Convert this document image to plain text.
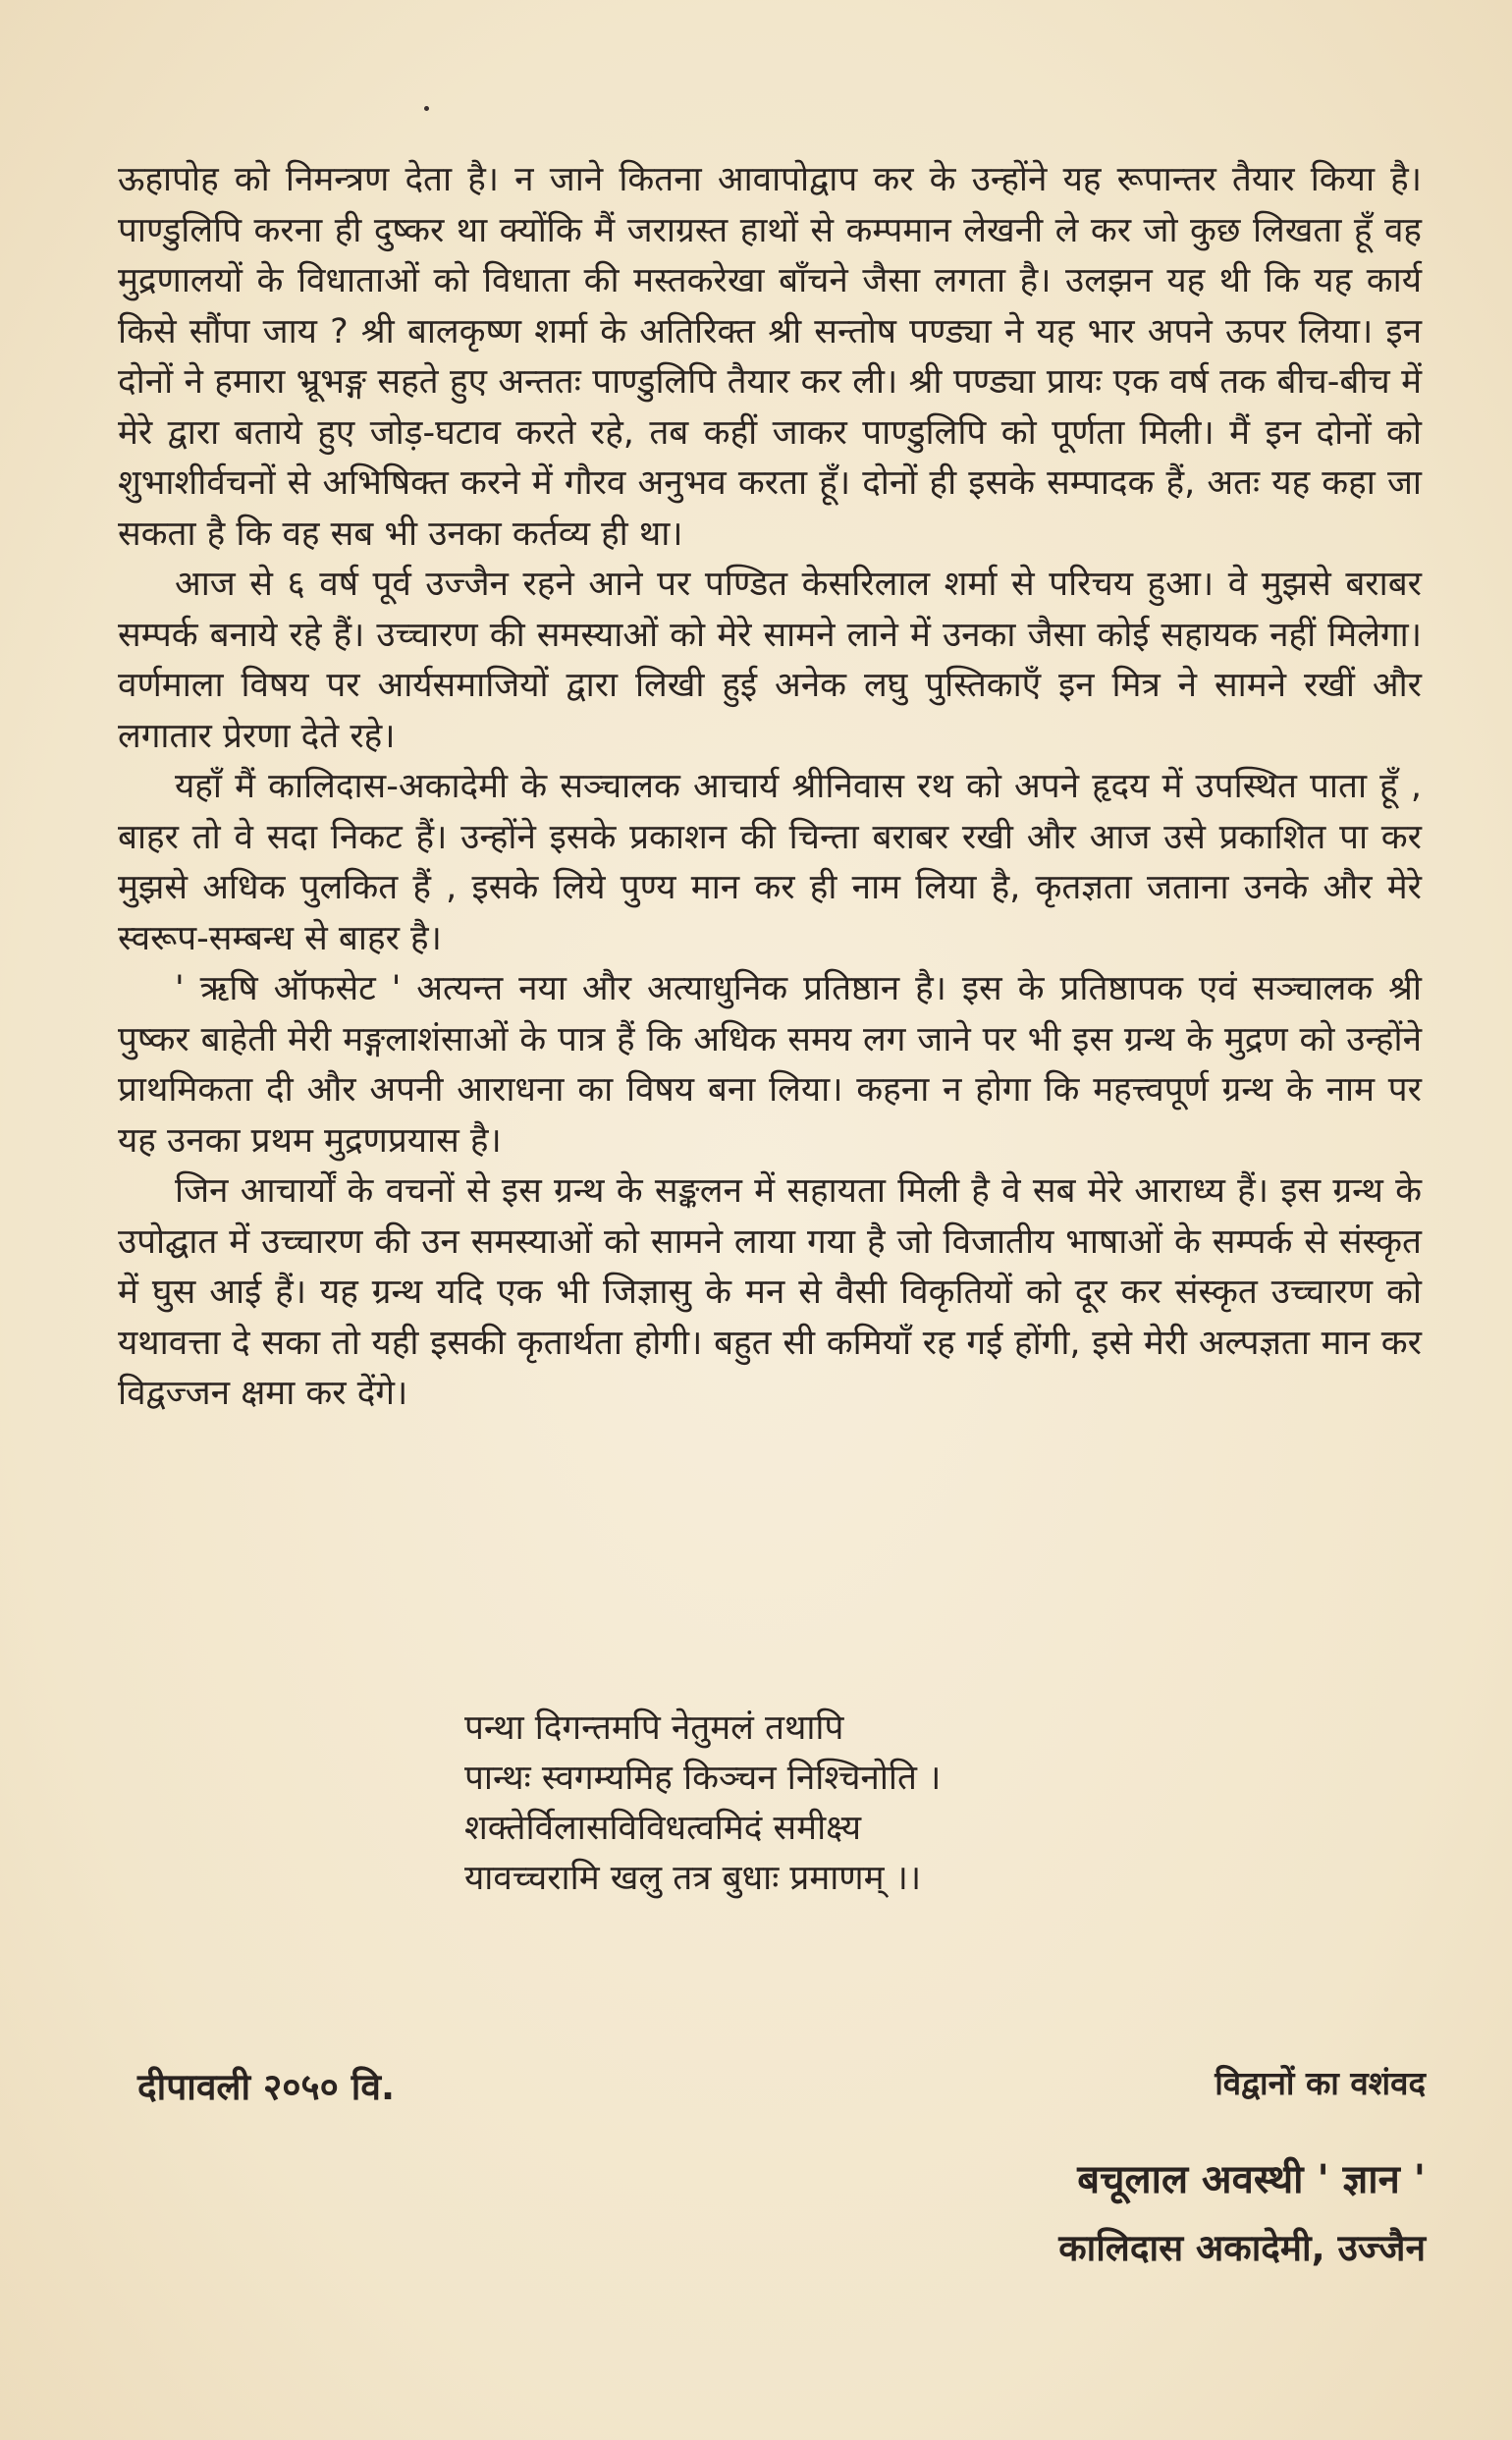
ऊहापोह को निमन्त्रण देता है। न जाने कितना आवापोद्वाप कर के उन्होंने यह रूपान्तर तैयार किया है। पाण्डुलिपि करना ही दुष्कर था क्योंकि मैं जराग्रस्त हाथों से कम्पमान लेखनी ले कर जो कुछ लिखता हूँ वह मुद्रणालयों के विधाताओं को विधाता की मस्तकरेखा बाँचने जैसा लगता है। उलझन यह थी कि यह कार्य किसे सौंपा जाय ? श्री बालकृष्ण शर्मा के अतिरिक्त श्री सन्तोष पण्ड्या ने यह भार अपने ऊपर लिया। इन दोनों ने हमारा भ्रूभङ्ग सहते हुए अन्ततः पाण्डुलिपि तैयार कर ली। श्री पण्ड्या प्रायः एक वर्ष तक बीच-बीच में मेरे द्वारा बताये हुए जोड़-घटाव करते रहे, तब कहीं जाकर पाण्डुलिपि को पूर्णता मिली। मैं इन दोनों को शुभाशीर्वचनों से अभिषिक्त करने में गौरव अनुभव करता हूँ। दोनों ही इसके सम्पादक हैं, अतः यह कहा जा सकता है कि वह सब भी उनका कर्तव्य ही था।

आज से ६ वर्ष पूर्व उज्जैन रहने आने पर पण्डित केसरिलाल शर्मा से परिचय हुआ। वे मुझसे बराबर सम्पर्क बनाये रहे हैं। उच्चारण की समस्याओं को मेरे सामने लाने में उनका जैसा कोई सहायक नहीं मिलेगा। वर्णमाला विषय पर आर्यसमाजियों द्वारा लिखी हुई अनेक लघु पुस्तिकाएँ इन मित्र ने सामने रखीं और लगातार प्रेरणा देते रहे।

यहाँ मैं कालिदास-अकादेमी के सञ्चालक आचार्य श्रीनिवास रथ को अपने हृदय में उपस्थित पाता हूँ , बाहर तो वे सदा निकट हैं। उन्होंने इसके प्रकाशन की चिन्ता बराबर रखी और आज उसे प्रकाशित पा कर मुझसे अधिक पुलकित हैं , इसके लिये पुण्य मान कर ही नाम लिया है, कृतज्ञता जताना उनके और मेरे स्वरूप-सम्बन्ध से बाहर है।

' ऋषि ऑफसेट ' अत्यन्त नया और अत्याधुनिक प्रतिष्ठान है। इस के प्रतिष्ठापक एवं सञ्चालक श्री पुष्कर बाहेती मेरी मङ्गलाशंसाओं के पात्र हैं कि अधिक समय लग जाने पर भी इस ग्रन्थ के मुद्रण को उन्होंने प्राथमिकता दी और अपनी आराधना का विषय बना लिया। कहना न होगा कि महत्त्वपूर्ण ग्रन्थ के नाम पर यह उनका प्रथम मुद्रणप्रयास है।

जिन आचार्यों के वचनों से इस ग्रन्थ के सङ्कलन में सहायता मिली है वे सब मेरे आराध्य हैं। इस ग्रन्थ के उपोद्घात में उच्चारण की उन समस्याओं को सामने लाया गया है जो विजातीय भाषाओं के सम्पर्क से संस्कृत में घुस आई हैं। यह ग्रन्थ यदि एक भी जिज्ञासु के मन से वैसी विकृतियों को दूर कर संस्कृत उच्चारण को यथावत्ता दे सका तो यही इसकी कृतार्थता होगी। बहुत सी कमियाँ रह गई होंगी, इसे मेरी अल्पज्ञता मान कर विद्वज्जन क्षमा कर देंगे।

पन्था दिगन्तमपि नेतुमलं तथापि
पान्थः स्वगम्यमिह किञ्चन निश्चिनोति ।
शक्तेर्विलासविविधत्वमिदं समीक्ष्य
यावच्चरामि खलु तत्र बुधाः प्रमाणम् ।।
दीपावली २०५० वि.	विद्वानों का वशंवद
बचूलाल अवस्थी ' ज्ञान '
कालिदास अकादेमी, उज्जैन
